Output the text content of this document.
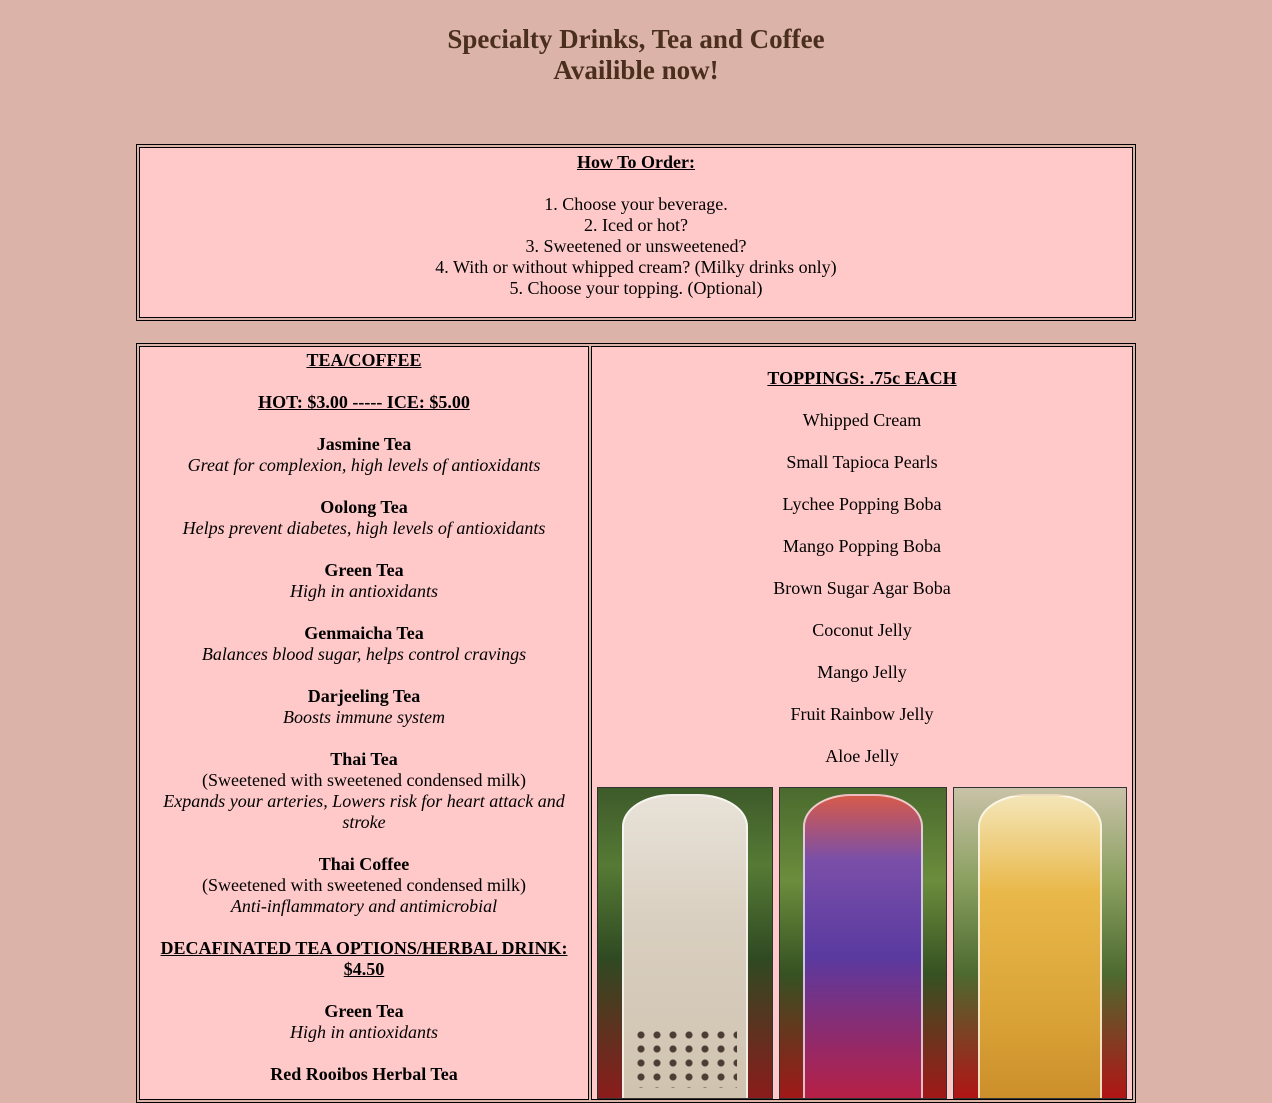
Specialty Drinks, Tea and Coffee
Availible now!
How To Order:
1. Choose your beverage.
2. Iced or hot?
3. Sweetened or unsweetened?
4. With or without whipped cream? (Milky drinks only)
5. Choose your topping. (Optional)
TEA/COFFEE
HOT: $3.00 ----- ICE: $5.00
Jasmine Tea
Great for complexion, high levels of antioxidants
Oolong Tea
Helps prevent diabetes, high levels of antioxidants
Green Tea
High in antioxidants
Genmaicha Tea
Balances blood sugar, helps control cravings
Darjeeling Tea
Boosts immune system
Thai Tea
(Sweetened with sweetened condensed milk)
Expands your arteries, Lowers risk for heart attack and stroke
Thai Coffee
(Sweetened with sweetened condensed milk)
Anti-inflammatory and antimicrobial
DECAFINATED TEA OPTIONS/HERBAL DRINK: $4.50
Green Tea
High in antioxidants
Red Rooibos Herbal Tea
TOPPINGS: .75c EACH
Whipped Cream
Small Tapioca Pearls
Lychee Popping Boba
Mango Popping Boba
Brown Sugar Agar Boba
Coconut Jelly
Mango Jelly
Fruit Rainbow Jelly
Aloe Jelly
